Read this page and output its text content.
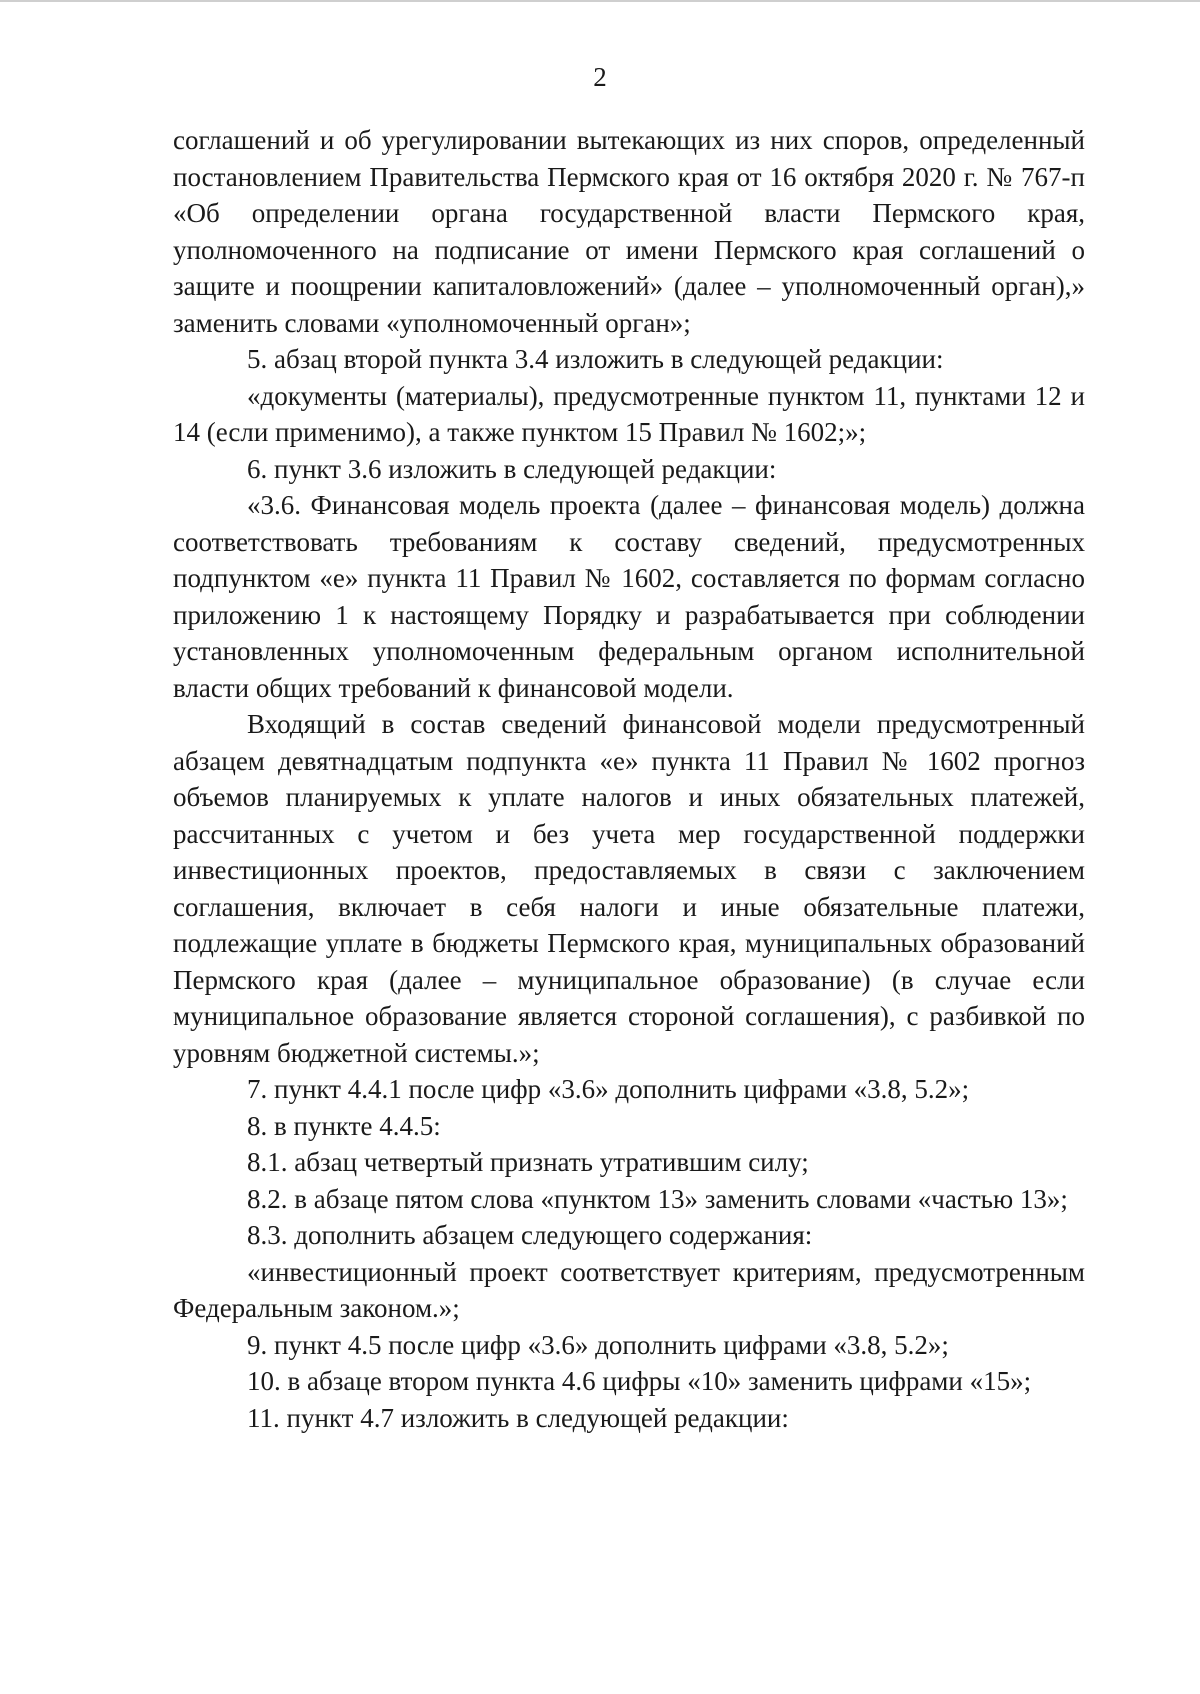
2

соглашений и об урегулировании вытекающих из них споров, определенный постановлением Правительства Пермского края от 16 октября 2020 г. № 767-п «Об определении органа государственной власти Пермского края, уполномоченного на подписание от имени Пермского края соглашений о защите и поощрении капиталовложений» (далее – уполномоченный орган),» заменить словами «уполномоченный орган»;

5. абзац второй пункта 3.4 изложить в следующей редакции:

«документы (материалы), предусмотренные пунктом 11, пунктами 12 и 14 (если применимо), а также пунктом 15 Правил № 1602;»;

6. пункт 3.6 изложить в следующей редакции:

«3.6. Финансовая модель проекта (далее – финансовая модель) должна соответствовать требованиям к составу сведений, предусмотренных подпунктом «е» пункта 11 Правил № 1602, составляется по формам согласно приложению 1 к настоящему Порядку и разрабатывается при соблюдении установленных уполномоченным федеральным органом исполнительной власти общих требований к финансовой модели.

Входящий в состав сведений финансовой модели предусмотренный абзацем девятнадцатым подпункта «е» пункта 11 Правил № 1602 прогноз объемов планируемых к уплате налогов и иных обязательных платежей, рассчитанных с учетом и без учета мер государственной поддержки инвестиционных проектов, предоставляемых в связи с заключением соглашения, включает в себя налоги и иные обязательные платежи, подлежащие уплате в бюджеты Пермского края, муниципальных образований Пермского края (далее – муниципальное образование) (в случае если муниципальное образование является стороной соглашения), с разбивкой по уровням бюджетной системы.»;

7. пункт 4.4.1 после цифр «3.6» дополнить цифрами «3.8, 5.2»;

8. в пункте 4.4.5:

8.1. абзац четвертый признать утратившим силу;

8.2. в абзаце пятом слова «пунктом 13» заменить словами «частью 13»;

8.3. дополнить абзацем следующего содержания:

«инвестиционный проект соответствует критериям, предусмотренным Федеральным законом.»;

9. пункт 4.5 после цифр «3.6» дополнить цифрами «3.8, 5.2»;

10. в абзаце втором пункта 4.6 цифры «10» заменить цифрами «15»;

11. пункт 4.7 изложить в следующей редакции:
